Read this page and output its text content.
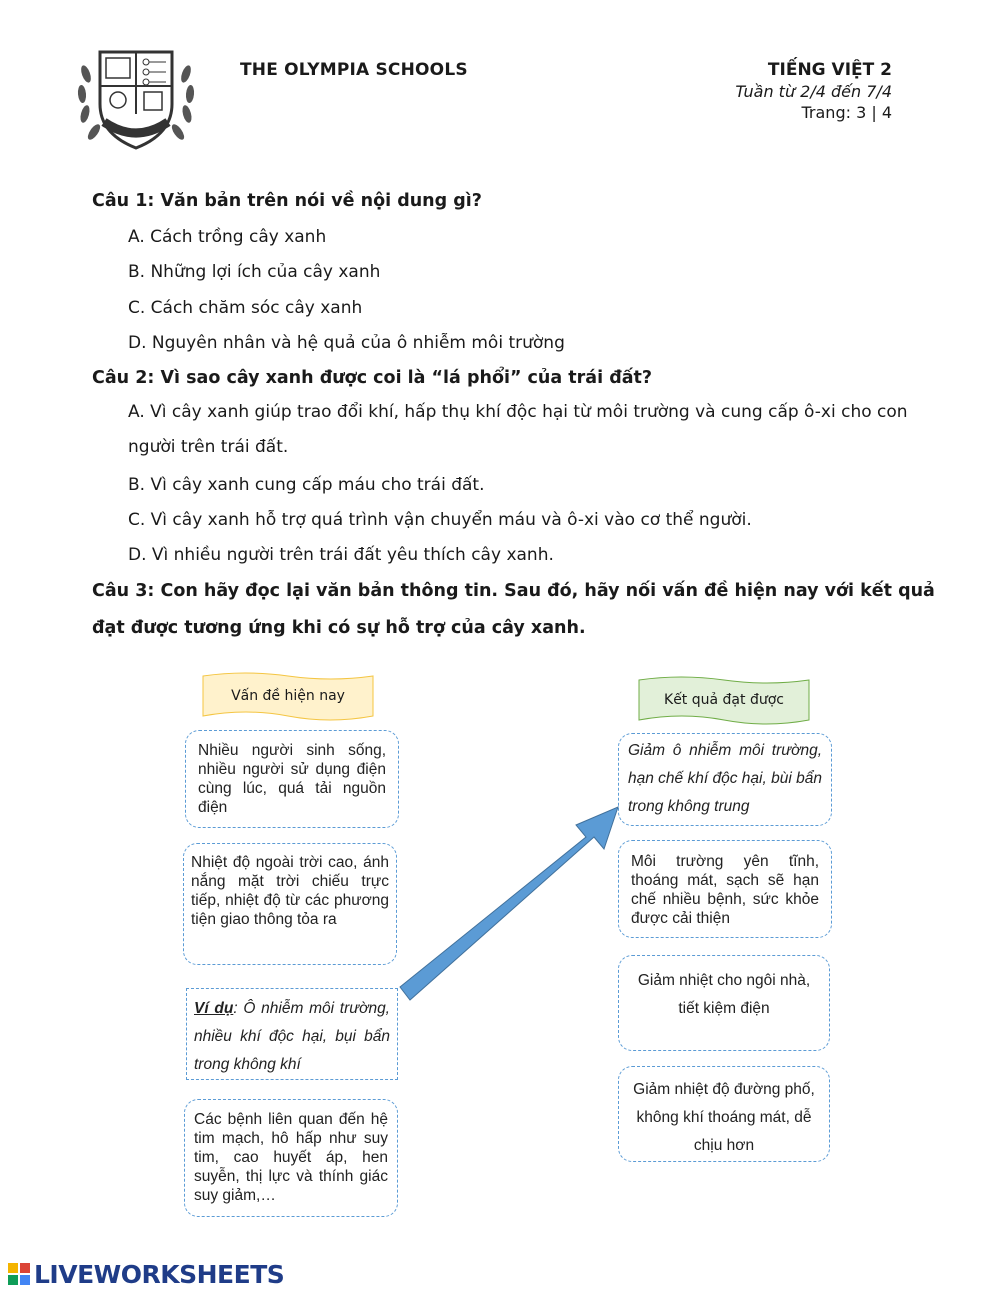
THE OLYMPIA SCHOOLS	TIẾNG VIỆT 2
Tuần từ 2/4 đến 7/4
Trang: 3 | 4
Câu 1: Văn bản trên nói về nội dung gì?
A. Cách trồng cây xanh
B. Những lợi ích của cây xanh
C. Cách chăm sóc cây xanh
D. Nguyên nhân và hệ quả của ô nhiễm môi trường
Câu 2: Vì sao cây xanh được coi là “lá phổi” của trái đất?
A. Vì cây xanh giúp trao đổi khí, hấp thụ khí độc hại từ môi trường và cung cấp ô-xi cho con người trên trái đất.
B. Vì cây xanh cung cấp máu cho trái đất.
C. Vì cây xanh hỗ trợ quá trình vận chuyển máu và ô-xi vào cơ thể người.
D. Vì nhiều người trên trái đất yêu thích cây xanh.
Câu 3: Con hãy đọc lại văn bản thông tin. Sau đó, hãy nối vấn đề hiện nay với kết quả
đạt được tương ứng khi có sự hỗ trợ của cây xanh.
Vấn đề hiện nay	Kết quả đạt được
Nhiều người sinh sống, nhiều người sử dụng điện cùng lúc, quá tải nguồn điện
Nhiệt độ ngoài trời cao, ánh nắng mặt trời chiếu trực tiếp, nhiệt độ từ các phương tiện giao thông tỏa ra
Ví dụ: Ô nhiễm môi trường, nhiều khí độc hại, bụi bẩn trong không khí
Các bệnh liên quan đến hệ tim mạch, hô hấp như suy tim, cao huyết áp, hen suyễn, thị lực và thính giác suy giảm,…
Giảm ô nhiễm môi trường, hạn chế khí độc hại, bùi bẩn trong không trung
Môi trường yên tĩnh, thoáng mát, sạch sẽ hạn chế nhiều bệnh, sức khỏe được cải thiện
Giảm nhiệt cho ngôi nhà, tiết kiệm điện
Giảm nhiệt độ đường phố, không khí thoáng mát, dễ chịu hơn
LIVEWORKSHEETS
